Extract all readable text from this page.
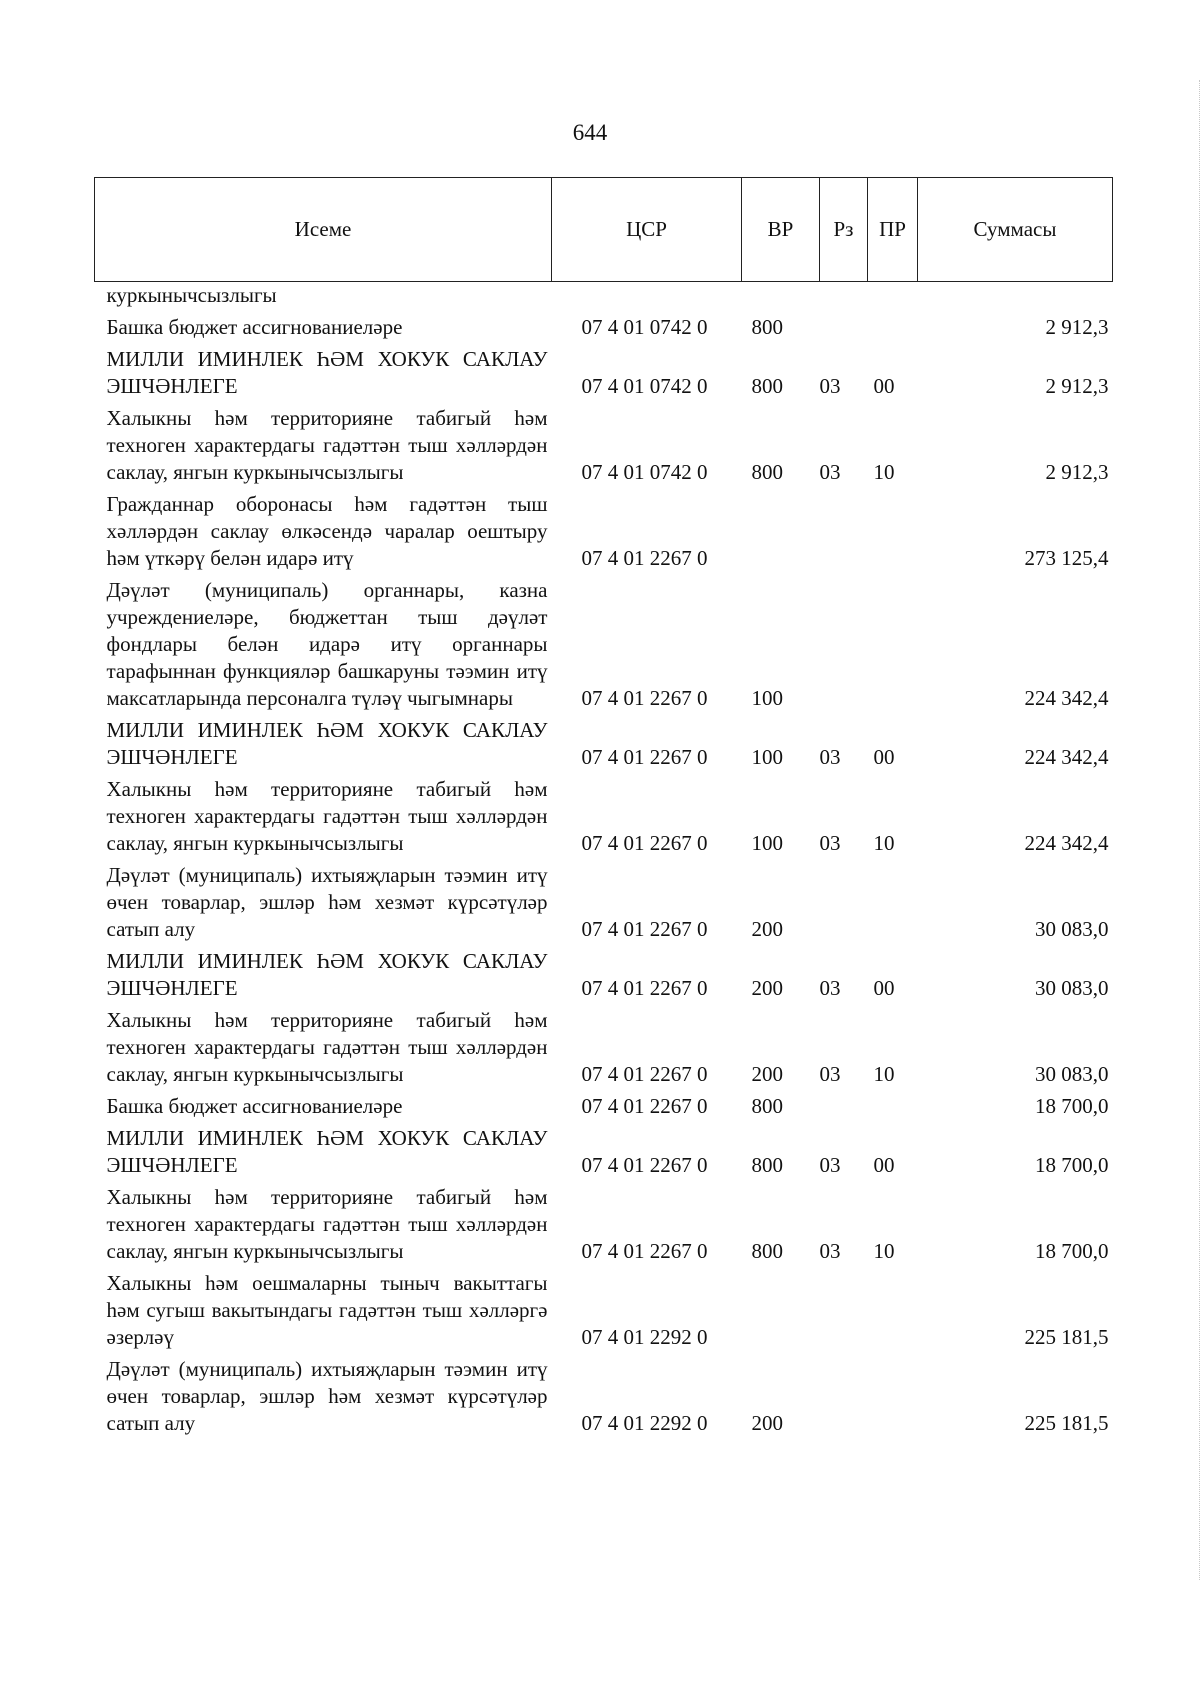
644
Исеме	ЦСР	ВР	Рз	ПР	Суммасы
куркынычсызлыгы					
Башка бюджет ассигнованиеләре	07 4 01 0742 0	800			2 912,3
МИЛЛИ ИМИНЛЕК ҺӘМ ХОКУК САКЛАУ ЭШЧӘНЛЕГЕ	07 4 01 0742 0	800	03	00	2 912,3
Халыкны һәм территорияне табигый һәм техноген характердагы гадәттән тыш хәлләрдән саклау, янгын куркынычсызлыгы	07 4 01 0742 0	800	03	10	2 912,3
Гражданнар оборонасы һәм гадәттән тыш хәлләрдән саклау өлкәсендә чаралар оештыру һәм үткәрү белән идарә итү	07 4 01 2267 0				273 125,4
Дәүләт (муниципаль) органнары, казна учреждениеләре, бюджеттан тыш дәүләт фондлары белән идарә итү органнары тарафыннан функцияләр башкаруны тәэмин итү максатларында персоналга түләү чыгымнары	07 4 01 2267 0	100			224 342,4
МИЛЛИ ИМИНЛЕК ҺӘМ ХОКУК САКЛАУ ЭШЧӘНЛЕГЕ	07 4 01 2267 0	100	03	00	224 342,4
Халыкны һәм территорияне табигый һәм техноген характердагы гадәттән тыш хәлләрдән саклау, янгын куркынычсызлыгы	07 4 01 2267 0	100	03	10	224 342,4
Дәүләт (муниципаль) ихтыяҗларын тәэмин итү өчен товарлар, эшләр һәм хезмәт күрсәтүләр сатып алу	07 4 01 2267 0	200			30 083,0
МИЛЛИ ИМИНЛЕК ҺӘМ ХОКУК САКЛАУ ЭШЧӘНЛЕГЕ	07 4 01 2267 0	200	03	00	30 083,0
Халыкны һәм территорияне табигый һәм техноген характердагы гадәттән тыш хәлләрдән саклау, янгын куркынычсызлыгы	07 4 01 2267 0	200	03	10	30 083,0
Башка бюджет ассигнованиеләре	07 4 01 2267 0	800			18 700,0
МИЛЛИ ИМИНЛЕК ҺӘМ ХОКУК САКЛАУ ЭШЧӘНЛЕГЕ	07 4 01 2267 0	800	03	00	18 700,0
Халыкны һәм территорияне табигый һәм техноген характердагы гадәттән тыш хәлләрдән саклау, янгын куркынычсызлыгы	07 4 01 2267 0	800	03	10	18 700,0
Халыкны һәм оешмаларны тыныч вакыттагы һәм сугыш вакытындагы гадәттән тыш хәлләргә әзерләү	07 4 01 2292 0				225 181,5
Дәүләт (муниципаль) ихтыяҗларын тәэмин итү өчен товарлар, эшләр һәм хезмәт күрсәтүләр сатып алу	07 4 01 2292 0	200			225 181,5
